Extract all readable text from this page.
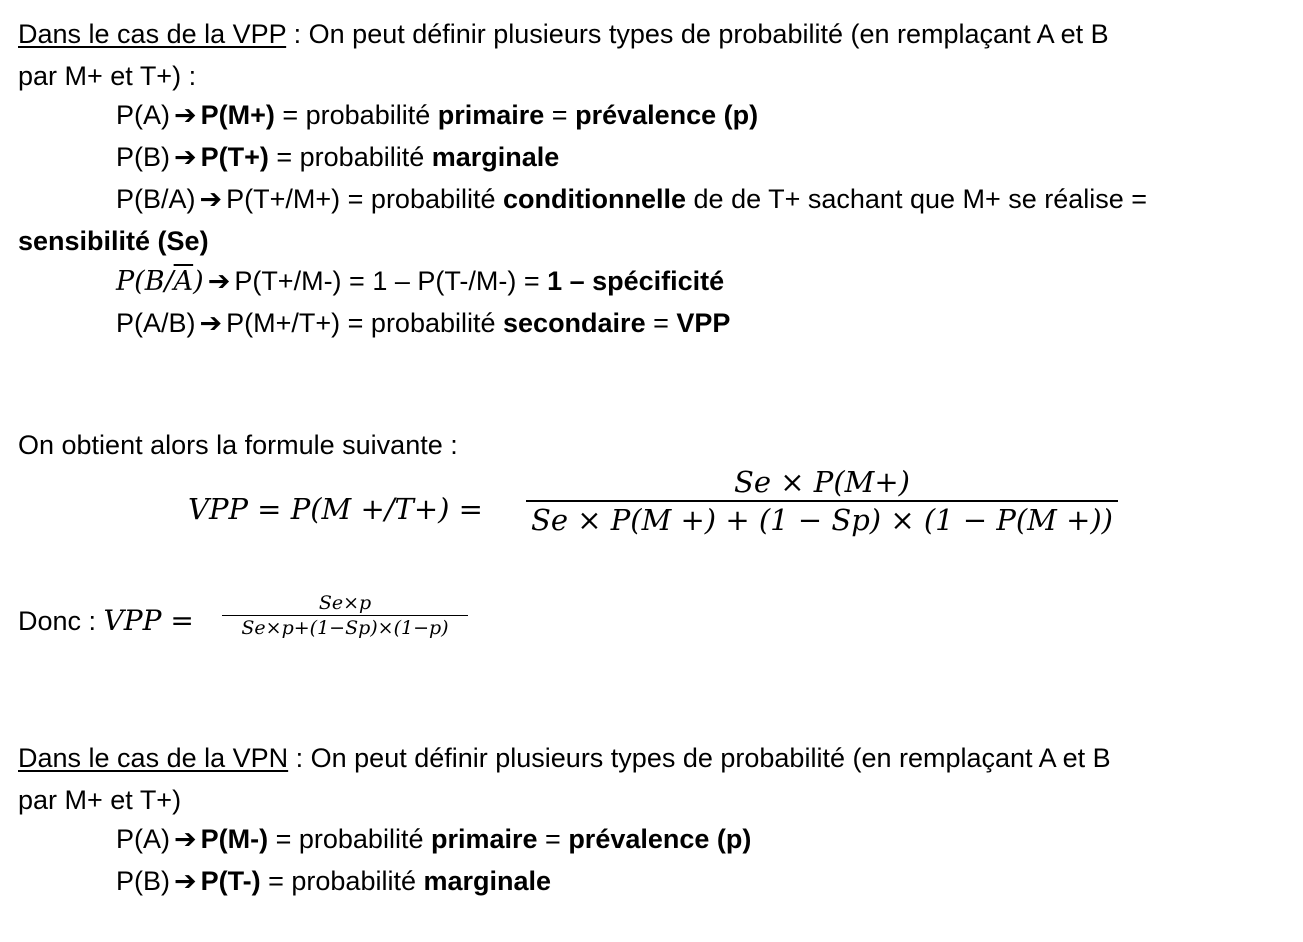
Dans le cas de la VPP : On peut définir plusieurs types de probabilité (en remplaçant A et B
par M+ et T+) :
P(A) ➔ P(M+) = probabilité primaire = prévalence (p)
P(B) ➔ P(T+) = probabilité marginale
P(B/A) ➔ P(T+/M+) = probabilité conditionnelle de de T+ sachant que M+ se réalise =
sensibilité (Se)
$P(B/\overline{A})$ ➔ P(T+/M-) = 1 – P(T-/M-) = 1 – spécificité
P(A/B) ➔ P(M+/T+) = probabilité secondaire = VPP
On obtient alors la formule suivante :
VPP = P(M +/T+) =
Se × P(M+)
Se × P(M +) + (1 − Sp) × (1 − P(M +))
Donc : VPP =
Se×p
Se×p+(1−Sp)×(1−p)
Dans le cas de la VPN : On peut définir plusieurs types de probabilité (en remplaçant A et B
par M+ et T+)
P(A) ➔ P(M-) = probabilité primaire = prévalence (p)
P(B) ➔ P(T-) = probabilité marginale
